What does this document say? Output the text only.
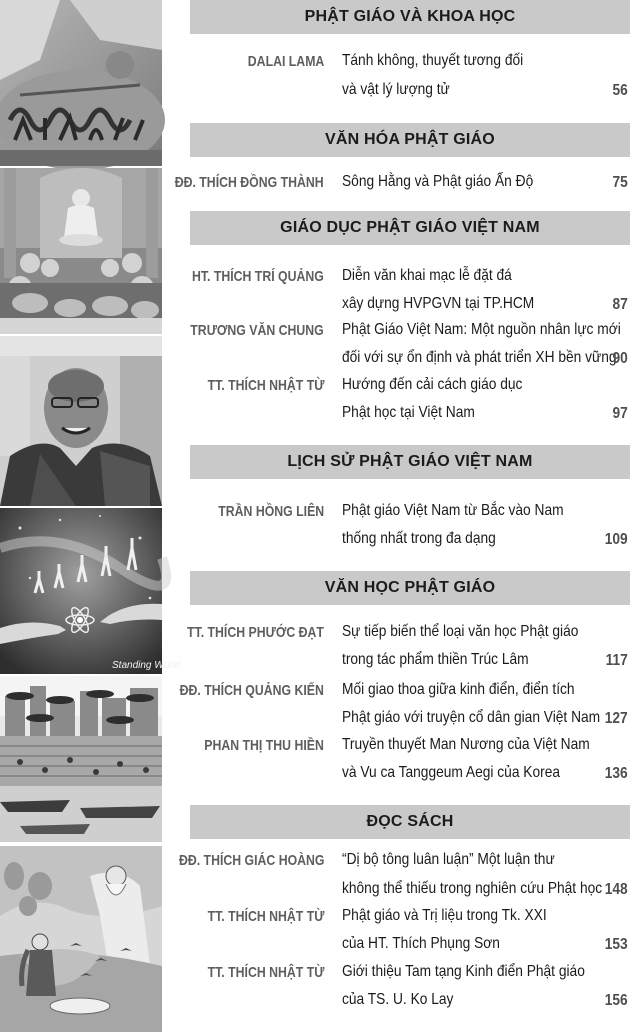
Standing World
PHẬT GIÁO VÀ KHOA HỌC
VĂN HÓA PHẬT GIÁO
GIÁO DỤC PHẬT GIÁO VIỆT NAM
LỊCH SỬ PHẬT GIÁO VIỆT NAM
VĂN HỌC PHẬT GIÁO
ĐỌC SÁCH
DALAI LAMA Tánh không, thuyết tương đối
và vật lý lượng tử	56
ĐĐ. THÍCH ĐỒNG THÀNH Sông Hằng và Phật giáo Ấn Độ	75
HT. THÍCH TRÍ QUẢNG Diễn văn khai mạc lễ đặt đá
xây dựng HVPGVN tại TP.HCM	87
TRƯƠNG VĂN CHUNG Phật Giáo Việt Nam: Một nguồn nhân lực mới
đối với sự ổn định và phát triển XH bền vững
90
TT. THÍCH NHẬT TỪ Hướng đến cải cách giáo dục
Phật học tại Việt Nam	97
TRẦN HỒNG LIÊN Phật giáo Việt Nam từ Bắc vào Nam
thống nhất trong đa dạng	109
TT. THÍCH PHƯỚC ĐẠT Sự tiếp biến thể loại văn học Phật giáo
trong tác phẩm thiền Trúc Lâm	117
ĐĐ. THÍCH QUẢNG KIẾN Mối giao thoa giữa kinh điển, điển tích
Phật giáo với truyện cổ dân gian Việt Nam 127
PHAN THỊ THU HIỀN Truyền thuyết Man Nương của Việt Nam
và Vu ca Tanggeum Aegi của Korea	136
ĐĐ. THÍCH GIÁC HOÀNG “Dị bộ tông luân luận” Một luận thư
không thể thiếu trong nghiên cứu Phật học 148
TT. THÍCH NHẬT TỪ Phật giáo và Trị liệu trong Tk. XXI
của HT. Thích Phụng Sơn	153
TT. THÍCH NHẬT TỪ Giới thiệu Tam tạng Kinh điển Phật giáo
của TS. U. Ko Lay	156
